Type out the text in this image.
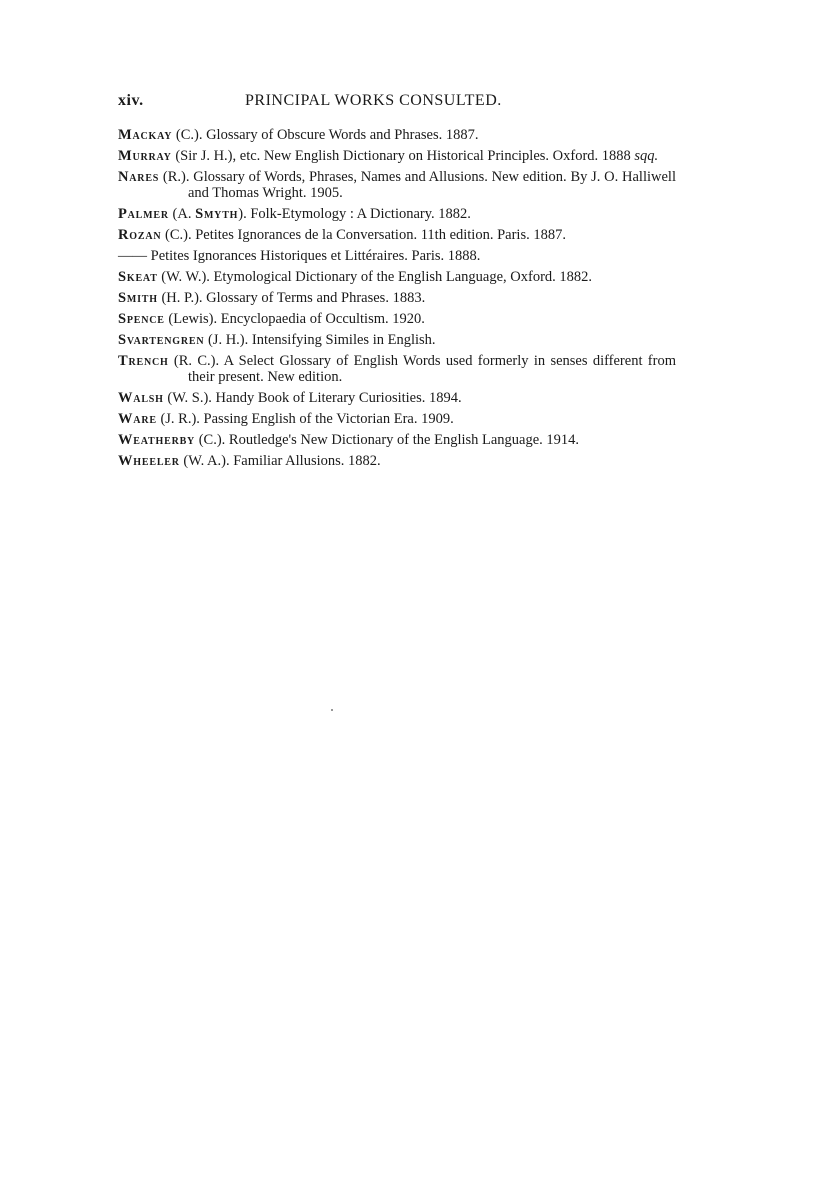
xiv.	PRINCIPAL WORKS CONSULTED.
Mackay (C.). Glossary of Obscure Words and Phrases. 1887.
Murray (Sir J. H.), etc. New English Dictionary on Historical Principles. Oxford. 1888 sqq.
Nares (R.). Glossary of Words, Phrases, Names and Allusions. New edition. By J. O. Halliwell and Thomas Wright. 1905.
Palmer (A. Smyth). Folk-Etymology : A Dictionary. 1882.
Rozan (C.). Petites Ignorances de la Conversation. 11th edition. Paris. 1887.
—— Petites Ignorances Historiques et Littéraires. Paris. 1888.
Skeat (W. W.). Etymological Dictionary of the English Language, Oxford. 1882.
Smith (H. P.). Glossary of Terms and Phrases. 1883.
Spence (Lewis). Encyclopaedia of Occultism. 1920.
Svartengren (J. H.). Intensifying Similes in English.
Trench (R. C.). A Select Glossary of English Words used formerly in senses different from their present. New edition.
Walsh (W. S.). Handy Book of Literary Curiosities. 1894.
Ware (J. R.). Passing English of the Victorian Era. 1909.
Weatherby (C.). Routledge's New Dictionary of the English Language. 1914.
Wheeler (W. A.). Familiar Allusions. 1882.
